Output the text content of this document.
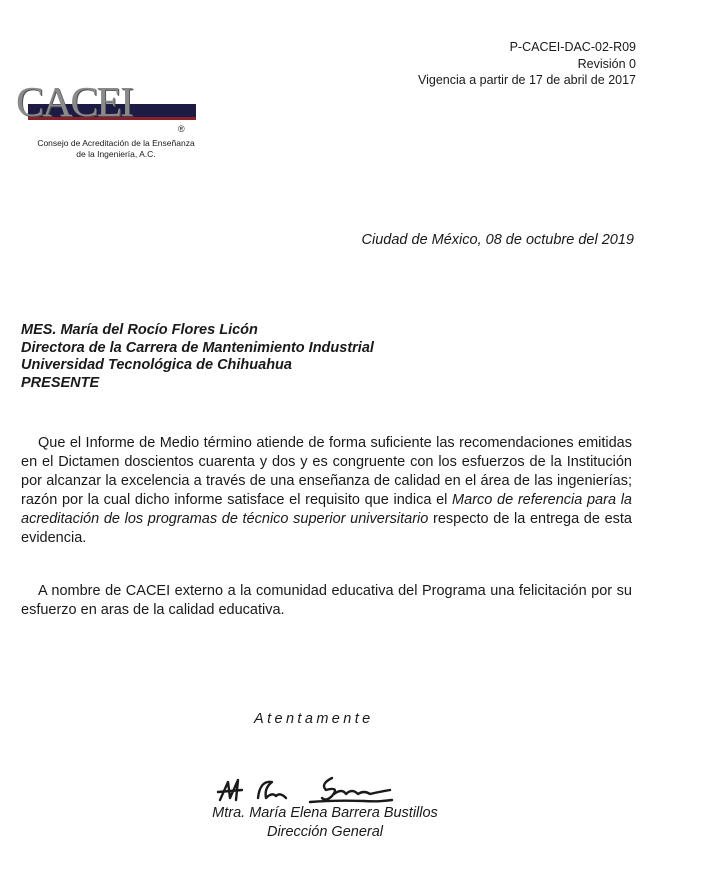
P-CACEI-DAC-02-R09
Revisión 0
Vigencia a partir de 17 de abril de 2017
CACEI
®
Consejo de Acreditación de la Enseñanza
de la Ingeniería, A.C.
Ciudad de México, 08 de octubre del 2019
MES. María del Rocío Flores Licón
Directora de la Carrera de Mantenimiento Industrial
Universidad Tecnológica de Chihuahua
PRESENTE
Que el Informe de Medio término atiende de forma suficiente las recomendaciones emitidas en el Dictamen doscientos cuarenta y dos y es congruente con los esfuerzos de la Institución por alcanzar la excelencia a través de una enseñanza de calidad en el área de las ingenierías; razón por la cual dicho informe satisface el requisito que indica el Marco de referencia para la acreditación de los programas de técnico superior universitario respecto de la entrega de esta evidencia.
A nombre de CACEI externo a la comunidad educativa del Programa una felicitación por su esfuerzo en aras de la calidad educativa.
Atentamente
Mtra. María Elena Barrera Bustillos
Dirección General
